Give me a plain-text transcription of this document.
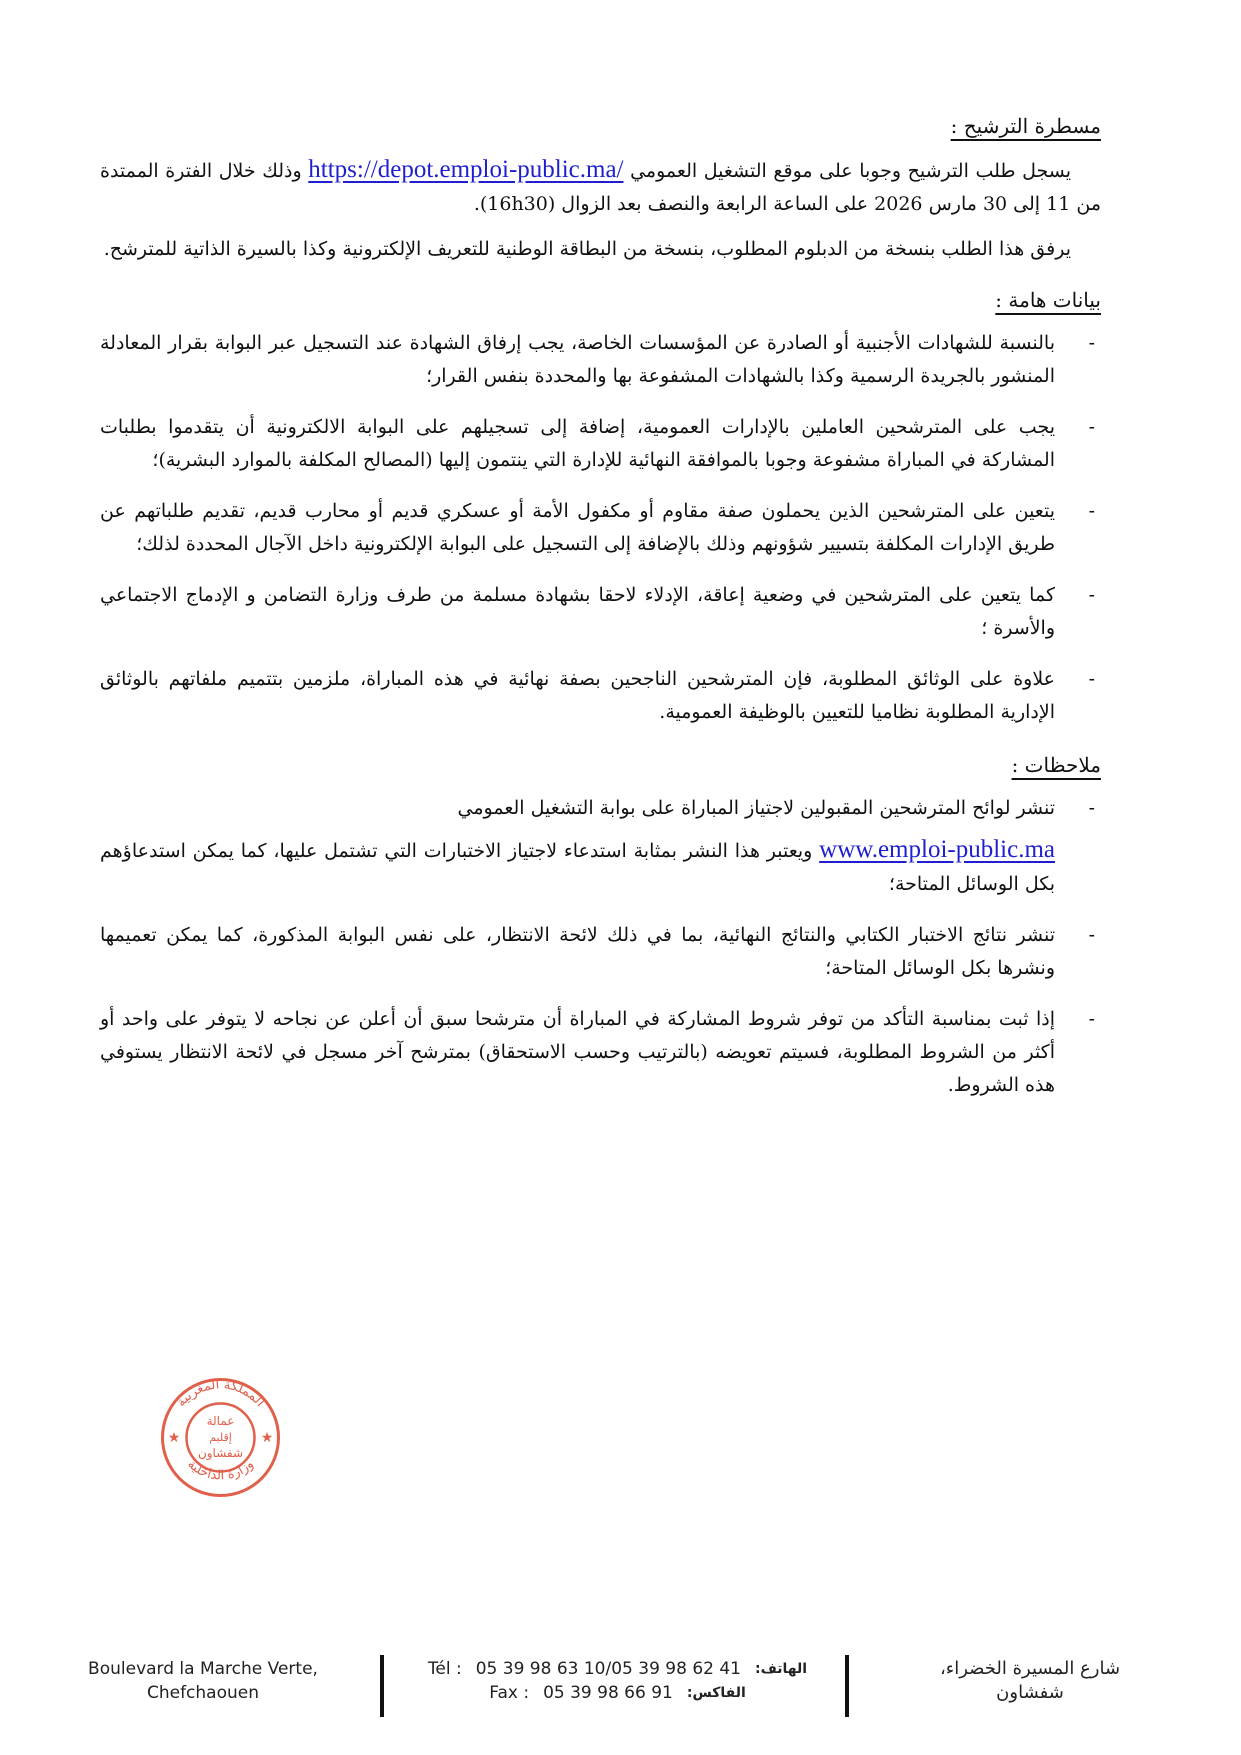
مسطرة الترشيح :

يسجل طلب الترشيح وجوبا على موقع التشغيل العمومي https://depot.emploi-public.ma/ وذلك خلال الفترة الممتدة من 11 إلى 30 مارس 2026 على الساعة الرابعة والنصف بعد الزوال (16h30).

يرفق هذا الطلب بنسخة من الدبلوم المطلوب، بنسخة من البطاقة الوطنية للتعريف الإلكترونية وكذا بالسيرة الذاتية للمترشح.

بيانات هامة :
-
بالنسبة للشهادات الأجنبية أو الصادرة عن المؤسسات الخاصة، يجب إرفاق الشهادة عند التسجيل عبر البوابة بقرار المعادلة المنشور بالجريدة الرسمية وكذا بالشهادات المشفوعة بها والمحددة بنفس القرار؛
-
يجب على المترشحين العاملين بالإدارات العمومية، إضافة إلى تسجيلهم على البوابة الالكترونية أن يتقدموا بطلبات المشاركة في المباراة مشفوعة وجوبا بالموافقة النهائية للإدارة التي ينتمون إليها (المصالح المكلفة بالموارد البشرية)؛
-
يتعين على المترشحين الذين يحملون صفة مقاوم أو مكفول الأمة أو عسكري قديم أو محارب قديم، تقديم طلباتهم عن طريق الإدارات المكلفة بتسيير شؤونهم وذلك بالإضافة إلى التسجيل على البوابة الإلكترونية داخل الآجال المحددة لذلك؛
-
كما يتعين على المترشحين في وضعية إعاقة، الإدلاء لاحقا بشهادة مسلمة من طرف وزارة التضامن و الإدماج الاجتماعي والأسرة ؛
-
علاوة على الوثائق المطلوبة، فإن المترشحين الناجحين بصفة نهائية في هذه المباراة، ملزمين بتتميم ملفاتهم بالوثائق الإدارية المطلوبة نظاميا للتعيين بالوظيفة العمومية.
ملاحظات :
-
تنشر لوائح المترشحين المقبولين لاجتياز المباراة على بوابة التشغيل العمومي
www.emploi-public.ma ويعتبر هذا النشر بمثابة استدعاء لاجتياز الاختبارات التي تشتمل عليها، كما يمكن استدعاؤهم بكل الوسائل المتاحة؛
-
تنشر نتائج الاختبار الكتابي والنتائج النهائية، بما في ذلك لائحة الانتظار، على نفس البوابة المذكورة، كما يمكن تعميمها ونشرها بكل الوسائل المتاحة؛
-
إذا ثبت بمناسبة التأكد من توفر شروط المشاركة في المباراة أن مترشحا سبق أن أعلن عن نجاحه لا يتوفر على واحد أو أكثر من الشروط المطلوبة، فسيتم تعويضه (بالترتيب وحسب الاستحقاق) بمترشح آخر مسجل في لائحة الانتظار يستوفي هذه الشروط.
المملكة المغربية
وزارة الداخلية
عمالة
إقليم
شفشاون
★	★
Boulevard la Marche Verte,
Chefchaouen
Tél : 05 39 98 63 10/05 39 98 62 41 الهاتف:
Fax : 05 39 98 66 91 الفاكس:
شارع المسيرة الخضراء،
شفشاون
